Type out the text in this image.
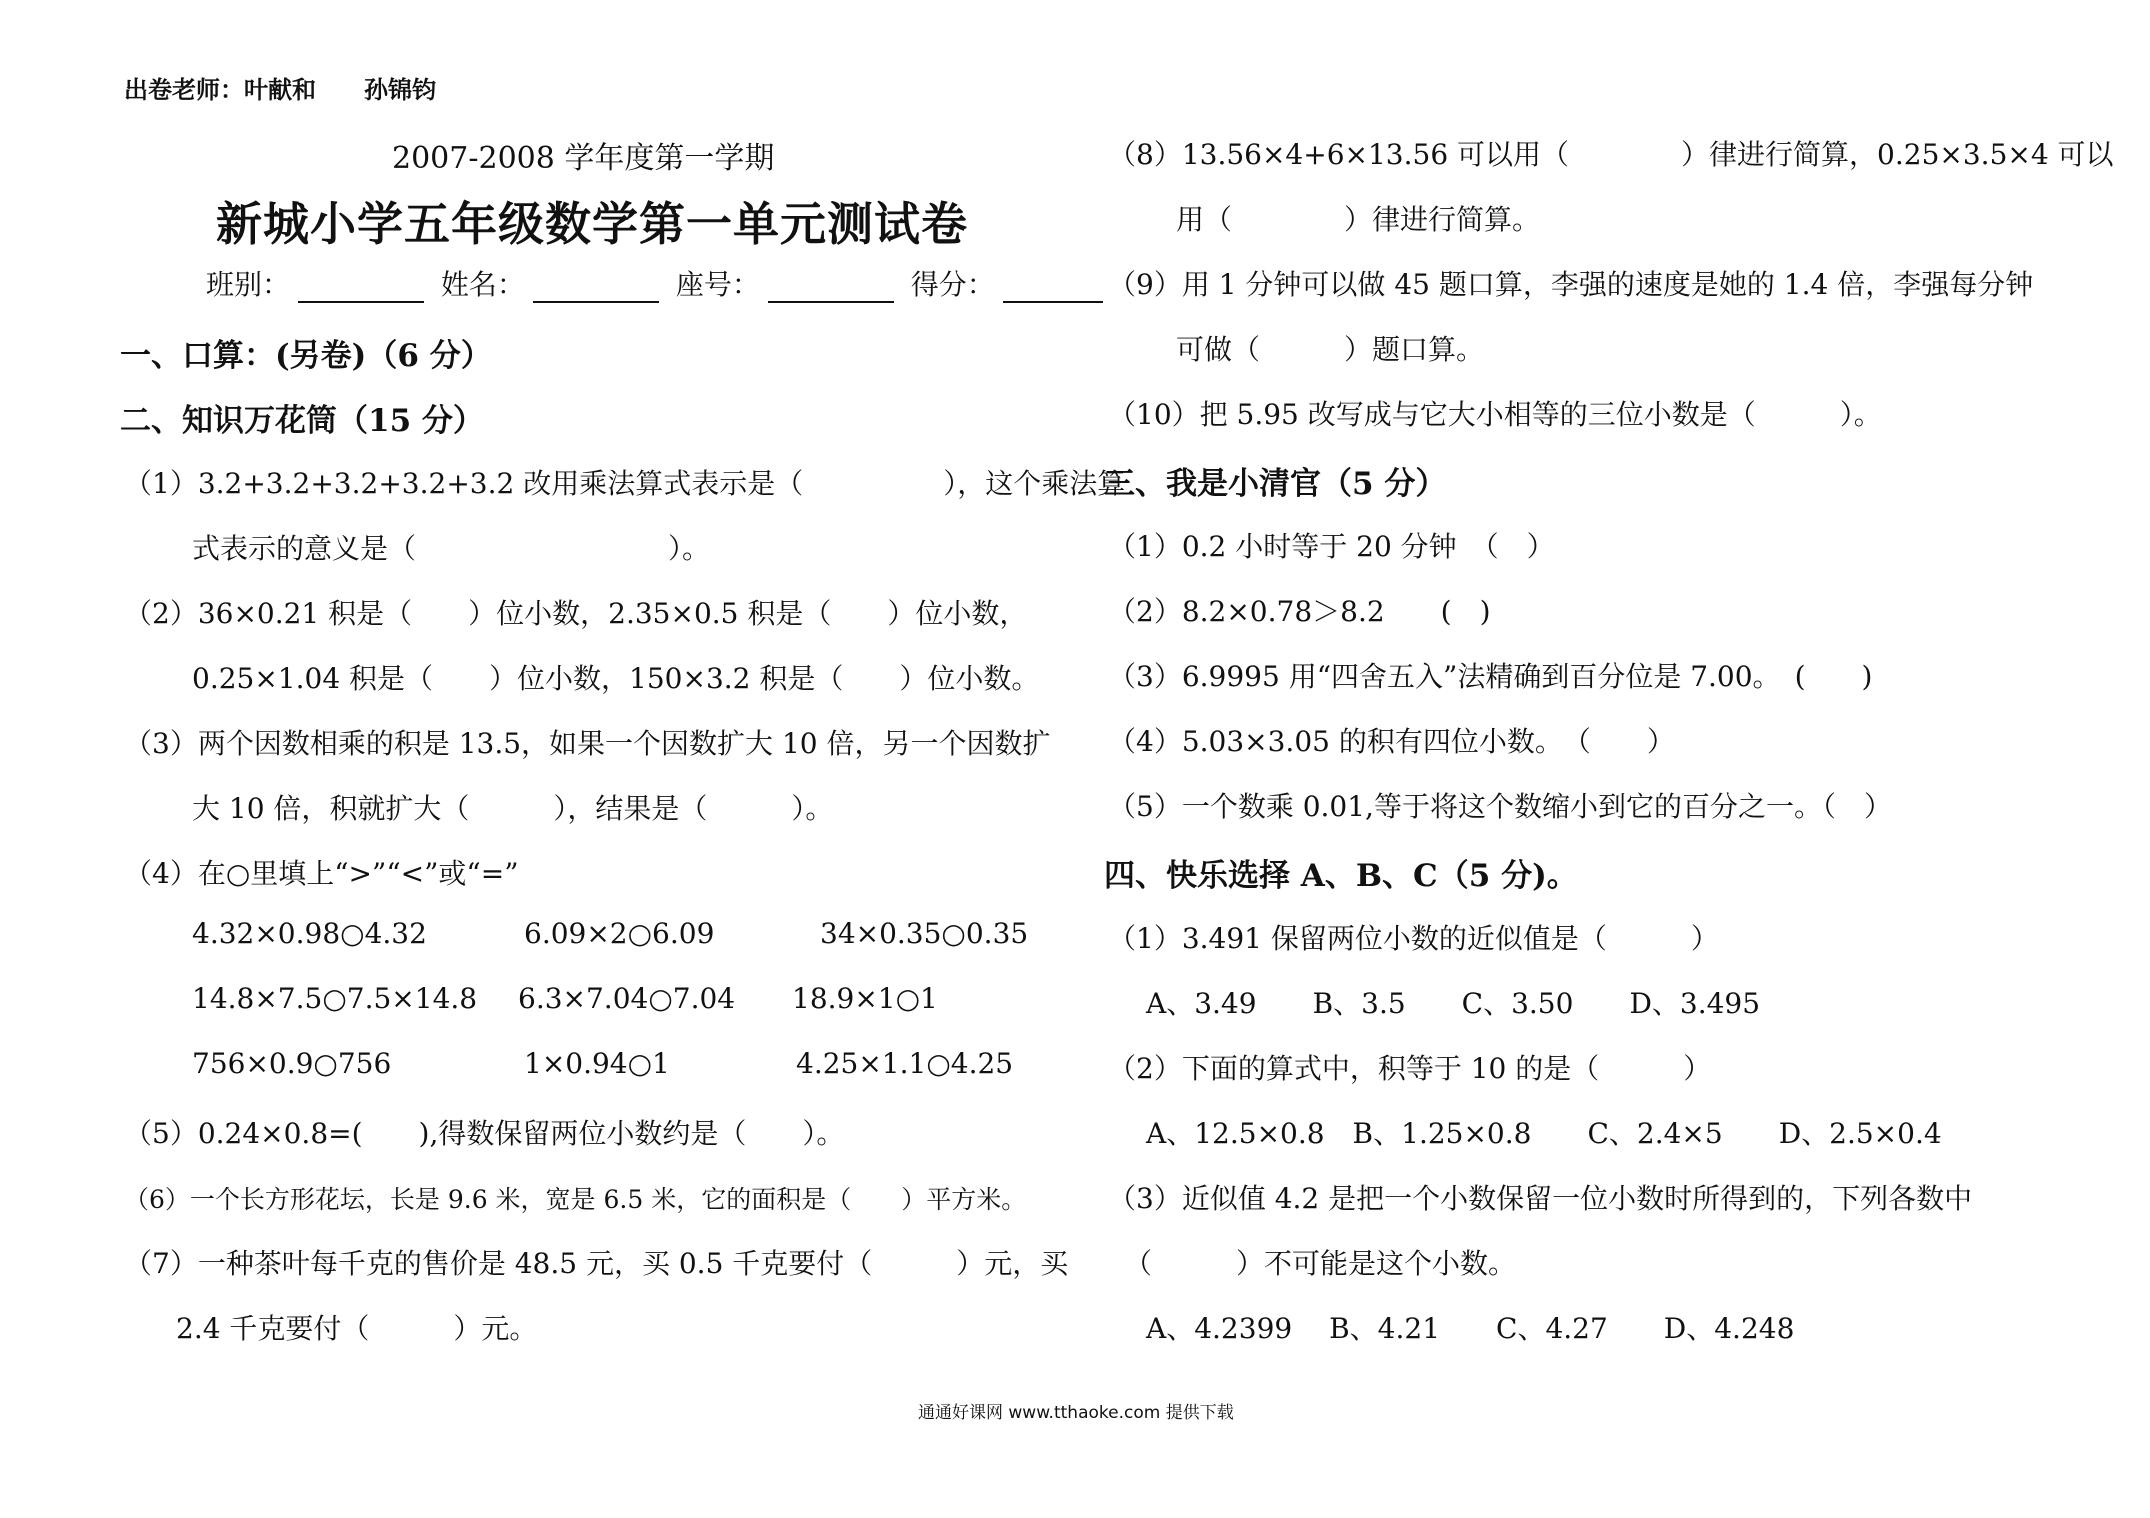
出卷老师：叶献和　　孙锦钧
2007-2008 学年度第一学期
新城小学五年级数学第一单元测试卷
班别：	姓名：	座号：	得分：
一、口算：(另卷)（6 分）
二、知识万花筒（15 分）
（1）3.2+3.2+3.2+3.2+3.2 改用乘法算式表示是（　　　　　），这个乘法算
式表示的意义是（　　　　　　　　　）。
（2）36×0.21 积是（　　）位小数，2.35×0.5 积是（　　）位小数，
0.25×1.04 积是（　　）位小数，150×3.2 积是（　　）位小数。
（3）两个因数相乘的积是 13.5，如果一个因数扩大 10 倍，另一个因数扩
大 10 倍，积就扩大（　　　），结果是（　　　）。
（4）在○里填上“>”“<”或“=”
4.32×0.98○4.32	6.09×2○6.09	34×0.35○0.35
14.8×7.5○7.5×14.8 6.3×7.04○7.04 18.9×1○1
756×0.9○756	1×0.94○1	4.25×1.1○4.25
（5）0.24×0.8=(　　),得数保留两位小数约是（　　）。
（6）一个长方形花坛，长是 9.6 米，宽是 6.5 米，它的面积是（　　）平方米。
（7）一种茶叶每千克的售价是 48.5 元，买 0.5 千克要付（　　　）元，买
2.4 千克要付（　　　）元。
（8）13.56×4+6×13.56 可以用（　　　　）律进行简算，0.25×3.5×4 可以
用（　　　　）律进行简算。
（9）用 1 分钟可以做 45 题口算，李强的速度是她的 1.4 倍，李强每分钟
可做（　　　）题口算。
（10）把 5.95 改写成与它大小相等的三位小数是（　　　）。
三、我是小清官（5 分）
（1）0.2 小时等于 20 分钟　（　）
（2）8.2×0.78＞8.2　　(　)
（3）6.9995 用“四舍五入”法精确到百分位是 7.00。　(　　)
（4）5.03×3.05 的积有四位小数。　（　　）
（5）一个数乘 0.01,等于将这个数缩小到它的百分之一。（　）
四、快乐选择 A、B、C（5 分)。
（1）3.491 保留两位小数的近似值是（　　　）
A、3.49　　B、3.5　　C、3.50　　D、3.495
（2）下面的算式中，积等于 10 的是（　　　）
A、12.5×0.8　B、1.25×0.8　　C、2.4×5　　D、2.5×0.4
（3）近似值 4.2 是把一个小数保留一位小数时所得到的，下列各数中
（　　　）不可能是这个小数。
A、4.2399　 B、4.21　　C、4.27　　D、4.248
通通好课网 www.tthaoke.com 提供下载
